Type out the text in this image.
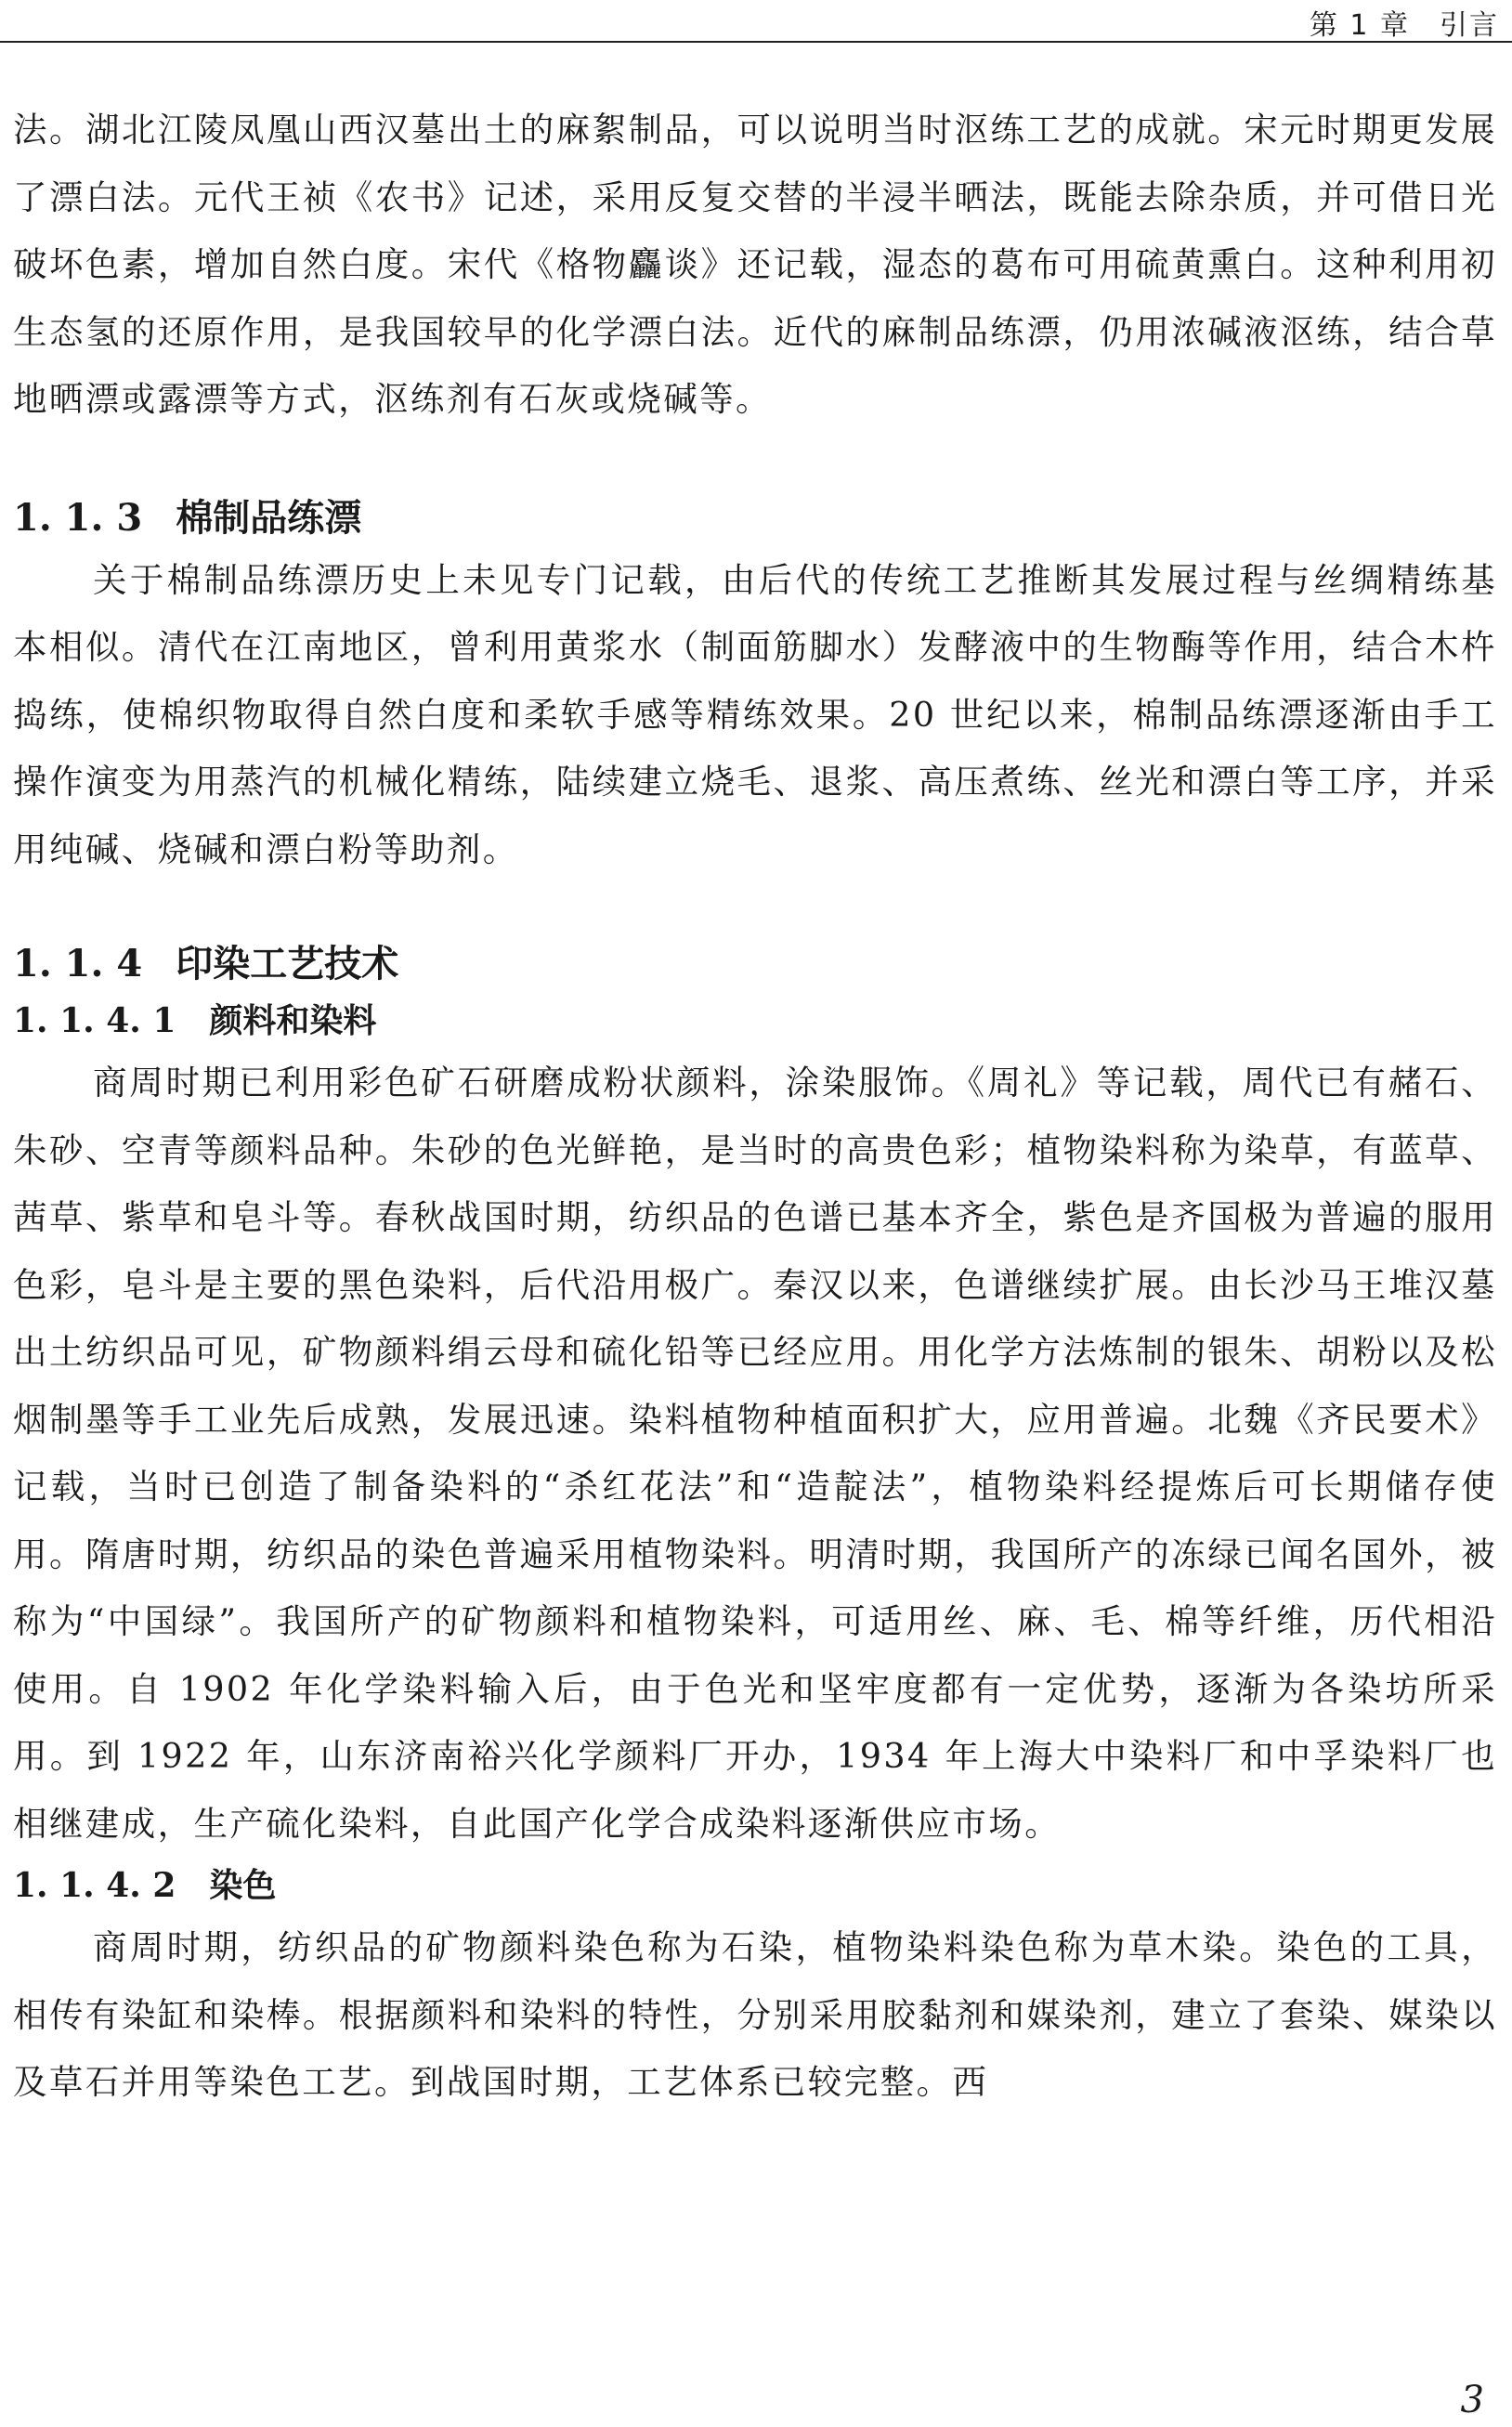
第 1 章　引言

法。湖北江陵凤凰山西汉墓出土的麻絮制品，可以说明当时沤练工艺的成就。宋元时期更发展了漂白法。元代王祯《农书》记述，采用反复交替的半浸半晒法，既能去除杂质，并可借日光破坏色素，增加自然白度。宋代《格物麤谈》还记载，湿态的葛布可用硫黄熏白。这种利用初生态氢的还原作用，是我国较早的化学漂白法。近代的麻制品练漂，仍用浓碱液沤练，结合草地晒漂或露漂等方式，沤练剂有石灰或烧碱等。

1. 1. 3 棉制品练漂

关于棉制品练漂历史上未见专门记载，由后代的传统工艺推断其发展过程与丝绸精练基本相似。清代在江南地区，曾利用黄浆水（制面筋脚水）发酵液中的生物酶等作用，结合木杵捣练，使棉织物取得自然白度和柔软手感等精练效果。20 世纪以来，棉制品练漂逐渐由手工操作演变为用蒸汽的机械化精练，陆续建立烧毛、退浆、高压煮练、丝光和漂白等工序，并采用纯碱、烧碱和漂白粉等助剂。

1. 1. 4 印染工艺技术
1. 1. 4. 1 颜料和染料

商周时期已利用彩色矿石研磨成粉状颜料，涂染服饰。《周礼》等记载，周代已有赭石、朱砂、空青等颜料品种。朱砂的色光鲜艳，是当时的高贵色彩；植物染料称为染草，有蓝草、茜草、紫草和皂斗等。春秋战国时期，纺织品的色谱已基本齐全，紫色是齐国极为普遍的服用色彩，皂斗是主要的黑色染料，后代沿用极广。秦汉以来，色谱继续扩展。由长沙马王堆汉墓出土纺织品可见，矿物颜料绢云母和硫化铅等已经应用。用化学方法炼制的银朱、胡粉以及松烟制墨等手工业先后成熟，发展迅速。染料植物种植面积扩大，应用普遍。北魏《齐民要术》记载，当时已创造了制备染料的“杀红花法”和“造靛法”，植物染料经提炼后可长期储存使用。隋唐时期，纺织品的染色普遍采用植物染料。明清时期，我国所产的冻绿已闻名国外，被称为“中国绿”。我国所产的矿物颜料和植物染料，可适用丝、麻、毛、棉等纤维，历代相沿使用。自 1902 年化学染料输入后，由于色光和坚牢度都有一定优势，逐渐为各染坊所采用。到 1922 年，山东济南裕兴化学颜料厂开办，1934 年上海大中染料厂和中孚染料厂也相继建成，生产硫化染料，自此国产化学合成染料逐渐供应市场。

1. 1. 4. 2 染色

商周时期，纺织品的矿物颜料染色称为石染，植物染料染色称为草木染。染色的工具，相传有染缸和染棒。根据颜料和染料的特性，分别采用胶黏剂和媒染剂，建立了套染、媒染以及草石并用等染色工艺。到战国时期，工艺体系已较完整。西

3
